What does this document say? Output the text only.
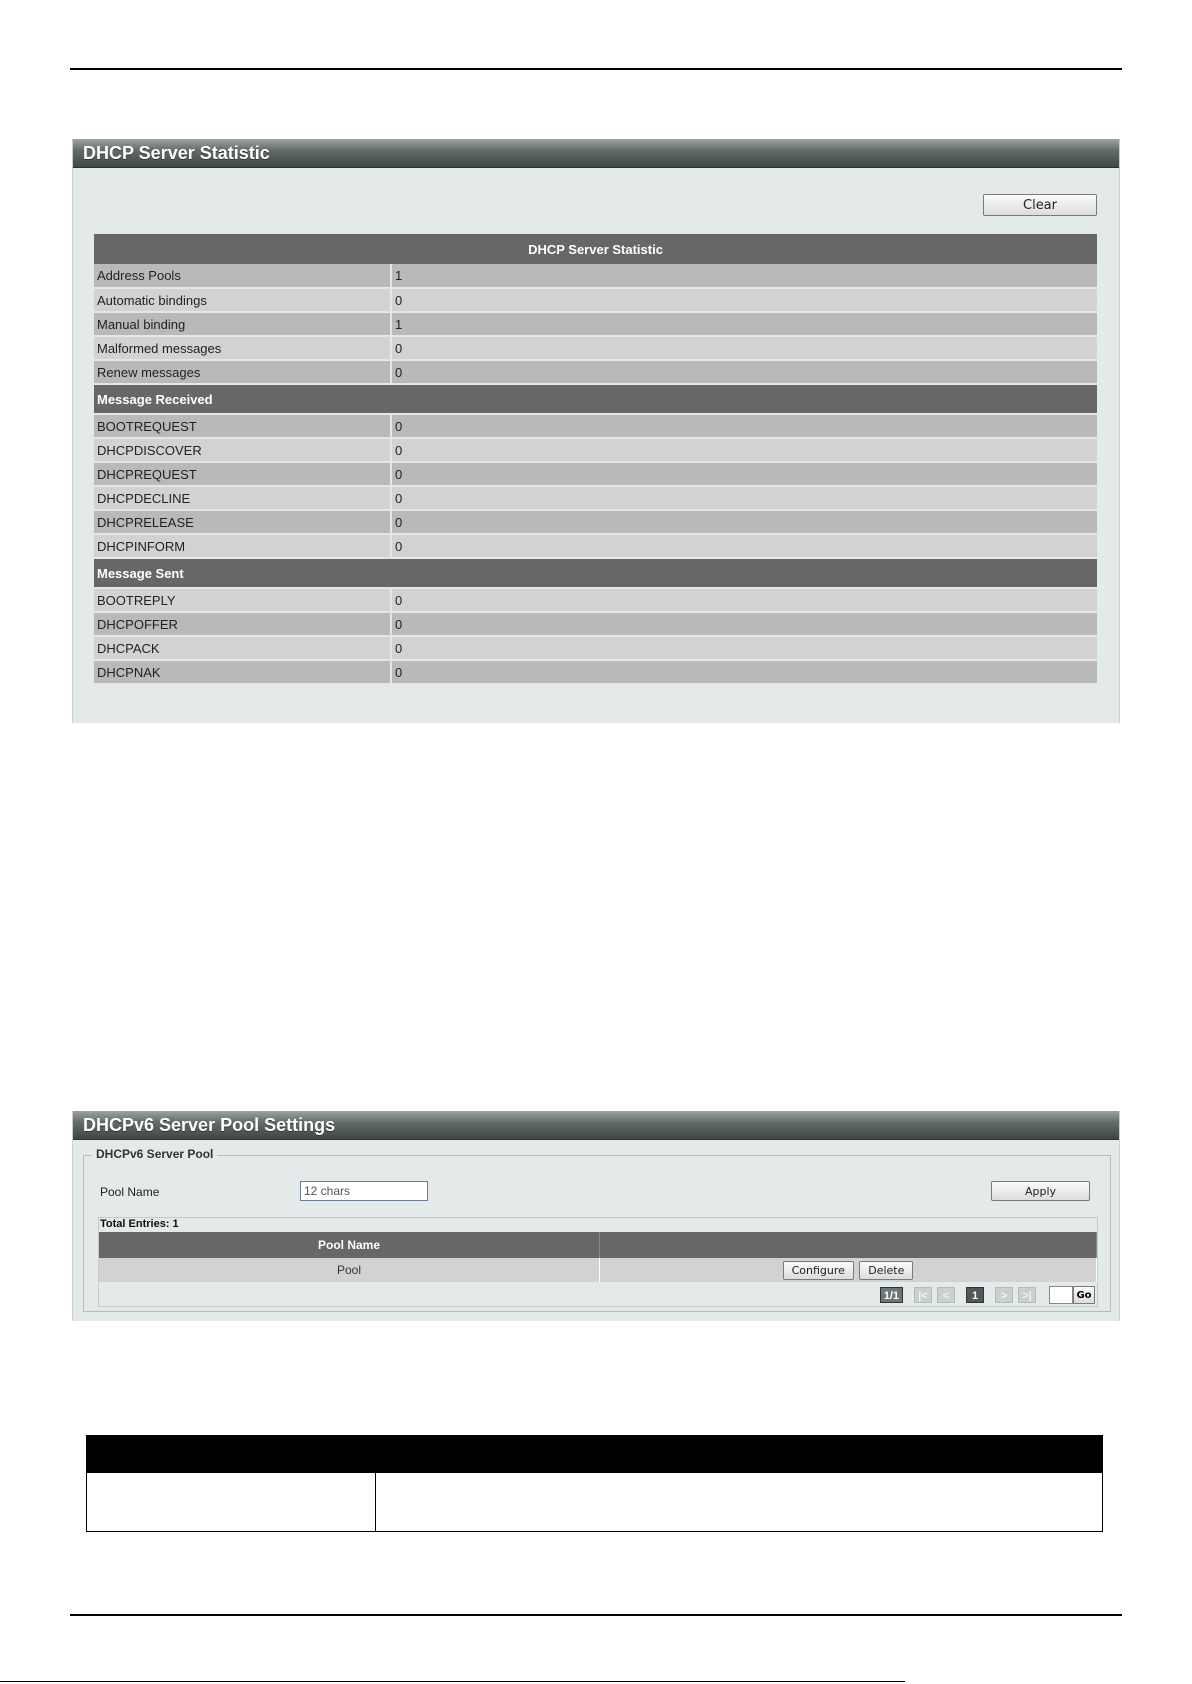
DHCP Server Statistic
Clear
DHCP Server Statistic	
Address Pools	1
Automatic bindings	0
Manual binding	1
Malformed messages	0
Renew messages	0
Message Received	
BOOTREQUEST	0
DHCPDISCOVER	0
DHCPREQUEST	0
DHCPDECLINE	0
DHCPRELEASE	0
DHCPINFORM	0
Message Sent	
BOOTREPLY	0
DHCPOFFER	0
DHCPACK	0
DHCPNAK	0
DHCPv6 Server Pool Settings
DHCPv6 Server Pool
Pool Name
12 chars	Apply
Total Entries: 1
Pool Name	
Pool	Configure Delete
1/1	|<	<	1	>	>|	Go
